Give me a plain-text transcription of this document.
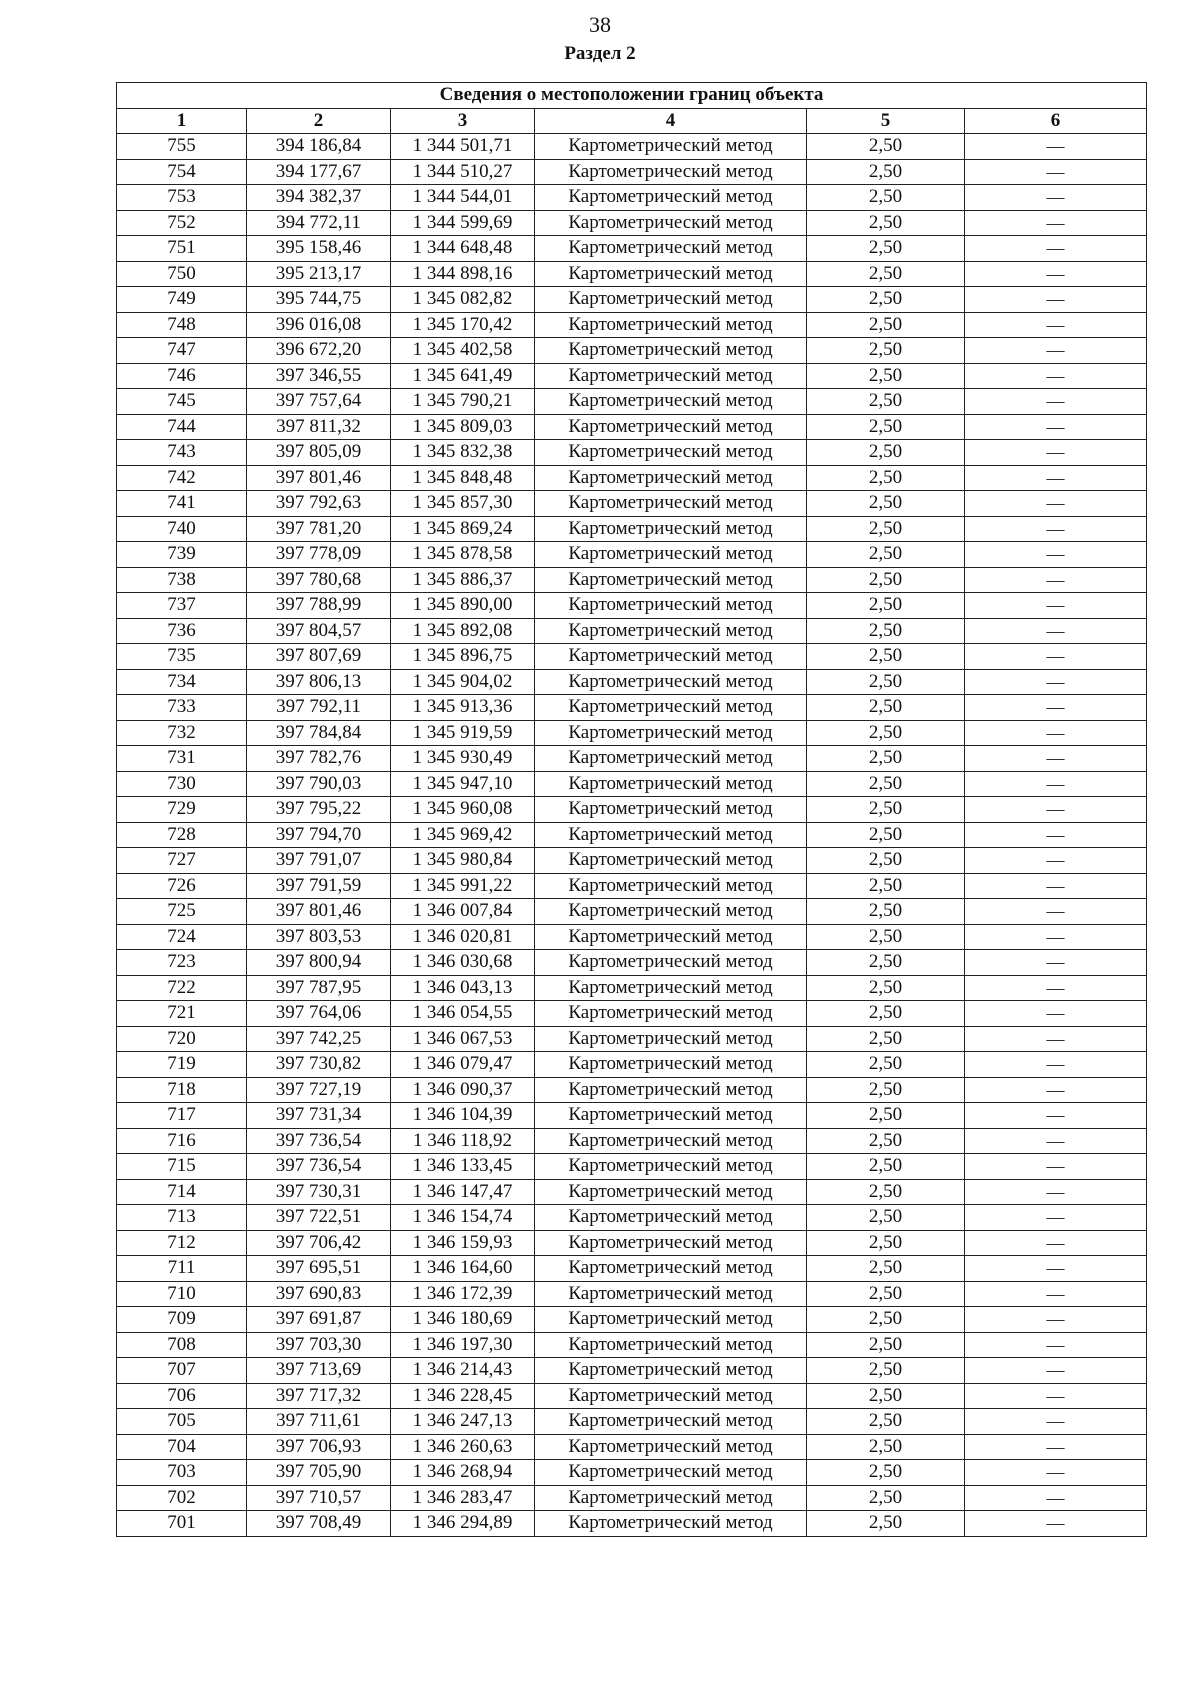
38
Раздел 2
Сведения о местоположении границ объекта					
1	2	3	4	5	6
755	394 186,84	1 344 501,71	Картометрический метод	2,50	—
754	394 177,67	1 344 510,27	Картометрический метод	2,50	—
753	394 382,37	1 344 544,01	Картометрический метод	2,50	—
752	394 772,11	1 344 599,69	Картометрический метод	2,50	—
751	395 158,46	1 344 648,48	Картометрический метод	2,50	—
750	395 213,17	1 344 898,16	Картометрический метод	2,50	—
749	395 744,75	1 345 082,82	Картометрический метод	2,50	—
748	396 016,08	1 345 170,42	Картометрический метод	2,50	—
747	396 672,20	1 345 402,58	Картометрический метод	2,50	—
746	397 346,55	1 345 641,49	Картометрический метод	2,50	—
745	397 757,64	1 345 790,21	Картометрический метод	2,50	—
744	397 811,32	1 345 809,03	Картометрический метод	2,50	—
743	397 805,09	1 345 832,38	Картометрический метод	2,50	—
742	397 801,46	1 345 848,48	Картометрический метод	2,50	—
741	397 792,63	1 345 857,30	Картометрический метод	2,50	—
740	397 781,20	1 345 869,24	Картометрический метод	2,50	—
739	397 778,09	1 345 878,58	Картометрический метод	2,50	—
738	397 780,68	1 345 886,37	Картометрический метод	2,50	—
737	397 788,99	1 345 890,00	Картометрический метод	2,50	—
736	397 804,57	1 345 892,08	Картометрический метод	2,50	—
735	397 807,69	1 345 896,75	Картометрический метод	2,50	—
734	397 806,13	1 345 904,02	Картометрический метод	2,50	—
733	397 792,11	1 345 913,36	Картометрический метод	2,50	—
732	397 784,84	1 345 919,59	Картометрический метод	2,50	—
731	397 782,76	1 345 930,49	Картометрический метод	2,50	—
730	397 790,03	1 345 947,10	Картометрический метод	2,50	—
729	397 795,22	1 345 960,08	Картометрический метод	2,50	—
728	397 794,70	1 345 969,42	Картометрический метод	2,50	—
727	397 791,07	1 345 980,84	Картометрический метод	2,50	—
726	397 791,59	1 345 991,22	Картометрический метод	2,50	—
725	397 801,46	1 346 007,84	Картометрический метод	2,50	—
724	397 803,53	1 346 020,81	Картометрический метод	2,50	—
723	397 800,94	1 346 030,68	Картометрический метод	2,50	—
722	397 787,95	1 346 043,13	Картометрический метод	2,50	—
721	397 764,06	1 346 054,55	Картометрический метод	2,50	—
720	397 742,25	1 346 067,53	Картометрический метод	2,50	—
719	397 730,82	1 346 079,47	Картометрический метод	2,50	—
718	397 727,19	1 346 090,37	Картометрический метод	2,50	—
717	397 731,34	1 346 104,39	Картометрический метод	2,50	—
716	397 736,54	1 346 118,92	Картометрический метод	2,50	—
715	397 736,54	1 346 133,45	Картометрический метод	2,50	—
714	397 730,31	1 346 147,47	Картометрический метод	2,50	—
713	397 722,51	1 346 154,74	Картометрический метод	2,50	—
712	397 706,42	1 346 159,93	Картометрический метод	2,50	—
711	397 695,51	1 346 164,60	Картометрический метод	2,50	—
710	397 690,83	1 346 172,39	Картометрический метод	2,50	—
709	397 691,87	1 346 180,69	Картометрический метод	2,50	—
708	397 703,30	1 346 197,30	Картометрический метод	2,50	—
707	397 713,69	1 346 214,43	Картометрический метод	2,50	—
706	397 717,32	1 346 228,45	Картометрический метод	2,50	—
705	397 711,61	1 346 247,13	Картометрический метод	2,50	—
704	397 706,93	1 346 260,63	Картометрический метод	2,50	—
703	397 705,90	1 346 268,94	Картометрический метод	2,50	—
702	397 710,57	1 346 283,47	Картометрический метод	2,50	—
701	397 708,49	1 346 294,89	Картометрический метод	2,50	—
